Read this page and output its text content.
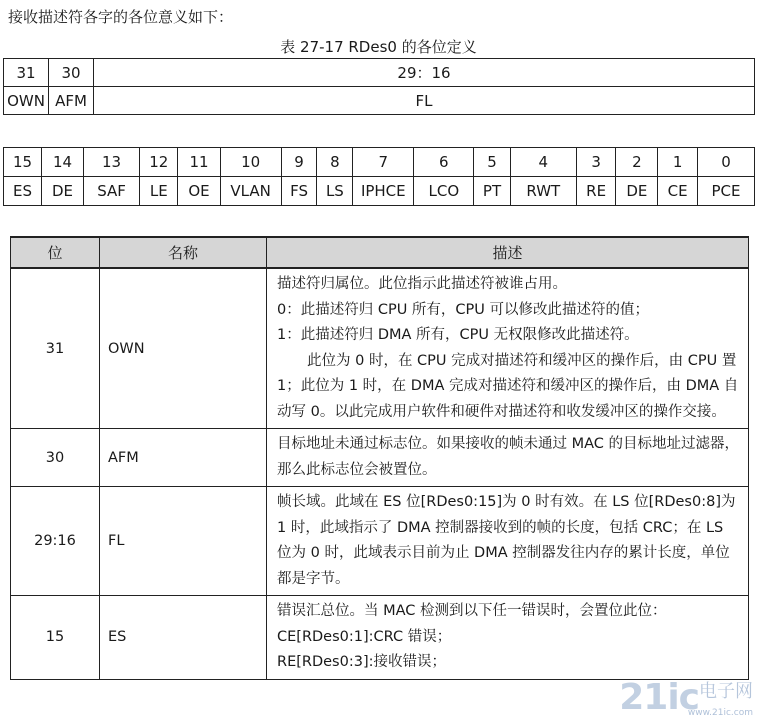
接收描述符各字的各位意义如下：
表 27-17 RDes0 的各位定义
31	30	29：16
OWN	AFM	FL
15	14	13	12	11	10	9	8	7	6	5	4	3	2	1	0
ES	DE	SAF	LE	OE	VLAN	FS	LS	IPHCE	LCO	PT	RWT	RE	DE	CE	PCE
位	名称	描述
31	OWN	描述符归属位。此位指示此描述符被谁占用。
0：此描述符归 CPU 所有，CPU 可以修改此描述符的值；
1：此描述符归 DMA 所有，CPU 无权限修改此描述符。
此位为 0 时，在 CPU 完成对描述符和缓冲区的操作后，由 CPU 置 1；此位为 1 时，在 DMA 完成对描述符和缓冲区的操作后，由 DMA 自动写 0。以此完成用户软件和硬件对描述符和收发缓冲区的操作交接。

30	AFM	目标地址未通过标志位。如果接收的帧未通过 MAC 的目标地址过滤器，那么此标志位会被置位。

29:16	FL	帧长域。此域在 ES 位[RDes0:15]为 0 时有效。在 LS 位[RDes0:8]为 1 时，此域指示了 DMA 控制器接收到的帧的长度，包括 CRC；在 LS 位为 0 时，此域表示目前为止 DMA 控制器发往内存的累计长度，单位都是字节。

15	ES	错误汇总位。当 MAC 检测到以下任一错误时，会置位此位：
CE[RDes0:1]:CRC 错误；
RE[RDes0:3]:接收错误；
21ic电子网
www.21ic.com
